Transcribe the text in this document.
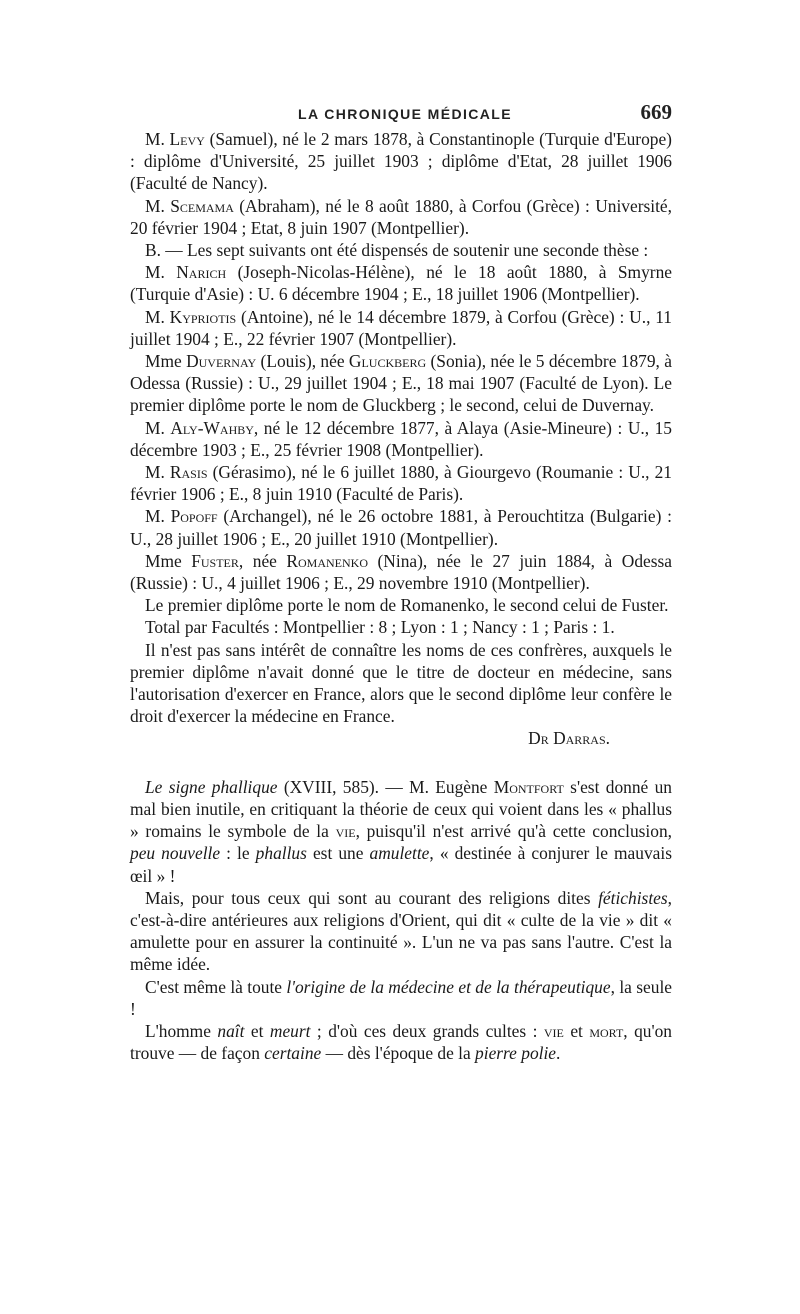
LA CHRONIQUE MÉDICALE	669

M. Levy (Samuel), né le 2 mars 1878, à Constantinople (Turquie d'Europe) : diplôme d'Université, 25 juillet 1903 ; diplôme d'Etat, 28 juillet 1906 (Faculté de Nancy).

M. Scemama (Abraham), né le 8 août 1880, à Corfou (Grèce) : Université, 20 février 1904 ; Etat, 8 juin 1907 (Montpellier).

B. — Les sept suivants ont été dispensés de soutenir une seconde thèse :

M. Narich (Joseph-Nicolas-Hélène), né le 18 août 1880, à Smyrne (Turquie d'Asie) : U. 6 décembre 1904 ; E., 18 juillet 1906 (Montpellier).

M. Kypriotis (Antoine), né le 14 décembre 1879, à Corfou (Grèce) : U., 11 juillet 1904 ; E., 22 février 1907 (Montpellier).

Mme Duvernay (Louis), née Gluckberg (Sonia), née le 5 décembre 1879, à Odessa (Russie) : U., 29 juillet 1904 ; E., 18 mai 1907 (Faculté de Lyon). Le premier diplôme porte le nom de Gluckberg ; le second, celui de Duvernay.

M. Aly-Wahby, né le 12 décembre 1877, à Alaya (Asie-Mineure) : U., 15 décembre 1903 ; E., 25 février 1908 (Montpellier).

M. Rasis (Gérasimo), né le 6 juillet 1880, à Giourgevo (Roumanie : U., 21 février 1906 ; E., 8 juin 1910 (Faculté de Paris).

M. Popoff (Archangel), né le 26 octobre 1881, à Perouchtitza (Bulgarie) : U., 28 juillet 1906 ; E., 20 juillet 1910 (Montpellier).

Mme Fuster, née Romanenko (Nina), née le 27 juin 1884, à Odessa (Russie) : U., 4 juillet 1906 ; E., 29 novembre 1910 (Montpellier).

Le premier diplôme porte le nom de Romanenko, le second celui de Fuster.

Total par Facultés : Montpellier : 8 ; Lyon : 1 ; Nancy : 1 ; Paris : 1.

Il n'est pas sans intérêt de connaître les noms de ces confrères, auxquels le premier diplôme n'avait donné que le titre de docteur en médecine, sans l'autorisation d'exercer en France, alors que le second diplôme leur confère le droit d'exercer la médecine en France.

Dr Darras.

Le signe phallique (XVIII, 585). — M. Eugène Montfort s'est donné un mal bien inutile, en critiquant la théorie de ceux qui voient dans les « phallus » romains le symbole de la vie, puisqu'il n'est arrivé qu'à cette conclusion, peu nouvelle : le phallus est une amulette, « destinée à conjurer le mauvais œil » !

Mais, pour tous ceux qui sont au courant des religions dites fétichistes, c'est-à-dire antérieures aux religions d'Orient, qui dit « culte de la vie » dit « amulette pour en assurer la continuité ». L'un ne va pas sans l'autre. C'est la même idée.

C'est même là toute l'origine de la médecine et de la thérapeutique, la seule !

L'homme naît et meurt ; d'où ces deux grands cultes : vie et mort, qu'on trouve — de façon certaine — dès l'époque de la pierre polie.
